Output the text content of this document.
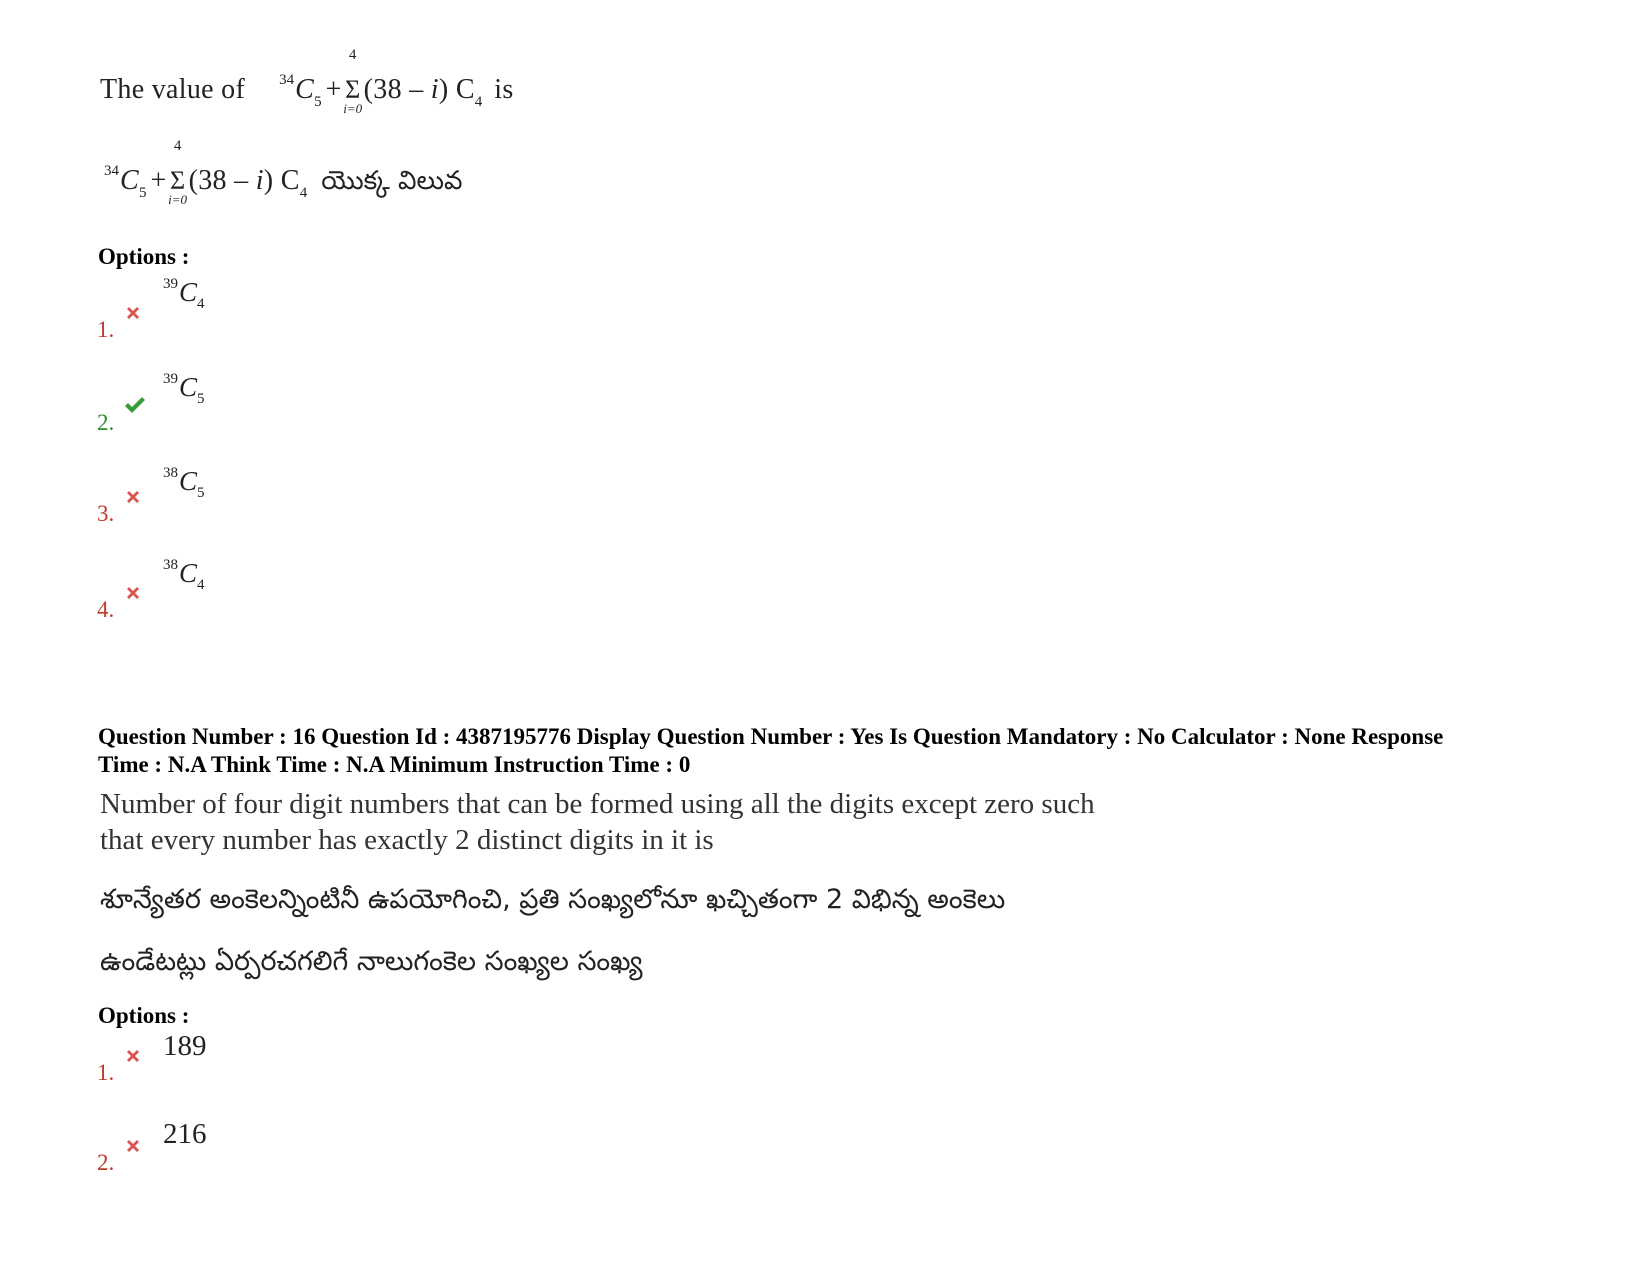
The value of 34C5 +
4
Σ
i=0
(38 – i) C4 is
34C5 +
4
Σ
i=0
(38 – i) C4 యొక్క విలువ
Options :
1.
$^{39}C_4$
2.
$^{39}C_5$
3.
$^{38}C_5$
4.
$^{38}C_4$
Question Number : 16 Question Id : 4387195776 Display Question Number : Yes Is Question Mandatory : No Calculator : None Response
Time : N.A Think Time : N.A Minimum Instruction Time : 0
Number of four digit numbers that can be formed using all the digits except zero such
that every number has exactly 2 distinct digits in it is
శూన్యేతర అంకెలన్నింటినీ ఉపయోగించి, ప్రతి సంఖ్యలోనూ ఖచ్చితంగా 2 విభిన్న అంకెలు
ఉండేటట్లు ఏర్పరచగలిగే నాలుగంకెల సంఖ్యల సంఖ్య
Options :
1.
189
2.
216
